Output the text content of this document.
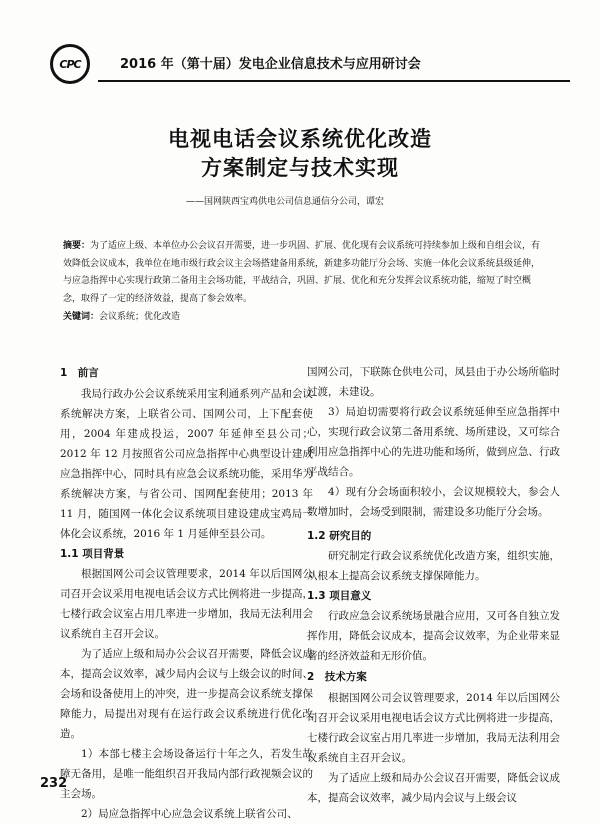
CPC	2016 年（第十届）发电企业信息技术与应用研讨会
电视电话会议系统优化改造
方案制定与技术实现
——国网陕西宝鸡供电公司信息通信分公司，谭宏
摘要：为了适应上级、本单位办公会议召开需要，进一步巩固、扩展、优化现有会议系统可持续参加上级和自组会议，有效降低会议成本，我单位在地市级行政会议主会场搭建备用系统，新建多功能厅分会场、实施一体化会议系统县级延伸，与应急指挥中心实现行政第二备用主会场功能，平战结合，巩固、扩展、优化和充分发挥会议系统功能，缩短了时空概念，取得了一定的经济效益，提高了参会效率。
关键词：会议系统；优化改造
1　前言

我局行政办公会议系统采用宝利通系列产品和会议系统解决方案，上联省公司、国网公司，上下配套使用，2004 年建成投运，2007 年延伸至县公司；2012 年 12 月按照省公司应急指挥中心典型设计建成应急指挥中心，同时具有应急会议系统功能，采用华为系统解决方案，与省公司、国网配套使用；2013 年 11 月，随国网一体化会议系统项目建设建成宝鸡局一体化会议系统，2016 年 1 月延伸至县公司。

1.1 项目背景

根据国网公司会议管理要求，2014 年以后国网公司召开会议采用电视电话会议方式比例将进一步提高，七楼行政会议室占用几率进一步增加，我局无法利用会议系统自主召开会议。

为了适应上级和局办公会议召开需要，降低会议成本，提高会议效率，减少局内会议与上级会议的时间、会场和设备使用上的冲突，进一步提高会议系统支撑保障能力，局提出对现有在运行政会议系统进行优化改造。

1）本部七楼主会场设备运行十年之久，若发生故障无备用，是唯一能组织召开我局内部行政视频会议的主会场。

2）局应急指挥中心应急会议系统上联省公司、

国网公司，下联陈仓供电公司，凤县由于办公场所临时过渡，未建设。

3）局迫切需要将行政会议系统延伸至应急指挥中心，实现行政会议第二备用系统、场所建设，又可综合利用应急指挥中心的先进功能和场所，做到应急、行政平战结合。

4）现有分会场面积较小，会议规模较大，参会人数增加时，会场受到限制，需建设多功能厅分会场。

1.2 研究目的

研究制定行政会议系统优化改造方案，组织实施，从根本上提高会议系统支撑保障能力。

1.3 项目意义

行政应急会议系统场景融合应用，又可各自独立发挥作用，降低会议成本，提高会议效率，为企业带来显著的经济效益和无形价值。

2　技术方案

根据国网公司会议管理要求，2014 年以后国网公司召开会议采用电视电话会议方式比例将进一步提高，七楼行政会议室占用几率进一步增加，我局无法利用会议系统自主召开会议。

为了适应上级和局办公会议召开需要，降低会议成本，提高会议效率，减少局内会议与上级会议

232
